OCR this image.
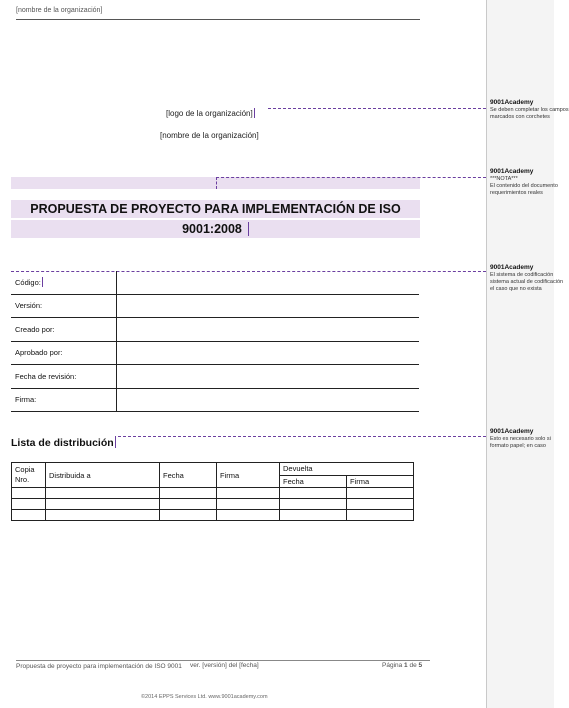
[nombre de la organización]
[logo de la organización]
[nombre de la organización]
PROPUESTA DE PROYECTO PARA IMPLEMENTACIÓN DE ISO
9001:2008
Código:	
Versión:	
Creado por:	
Aprobado por:	
Fecha de revisión:	
Firma:	
Lista de distribución
Copia Nro.	Distribuida a	Fecha	Firma	Devuelta	
				Fecha	Firma

Propuesta de proyecto para implementación de ISO 9001	ver. [versión] del [fecha]	Página 1 de 5
©2014 EPPS Services Ltd. www.9001academy.com
9001Academy
Se deben completar los campos
marcados con corchetes
9001Academy
***NOTA***
El contenido del documento
requerimientos reales
9001Academy
El sistema de codificación
sistema actual de codificación
el caso que no exista
9001Academy
Esto es necesario solo si
formato papel; en caso
